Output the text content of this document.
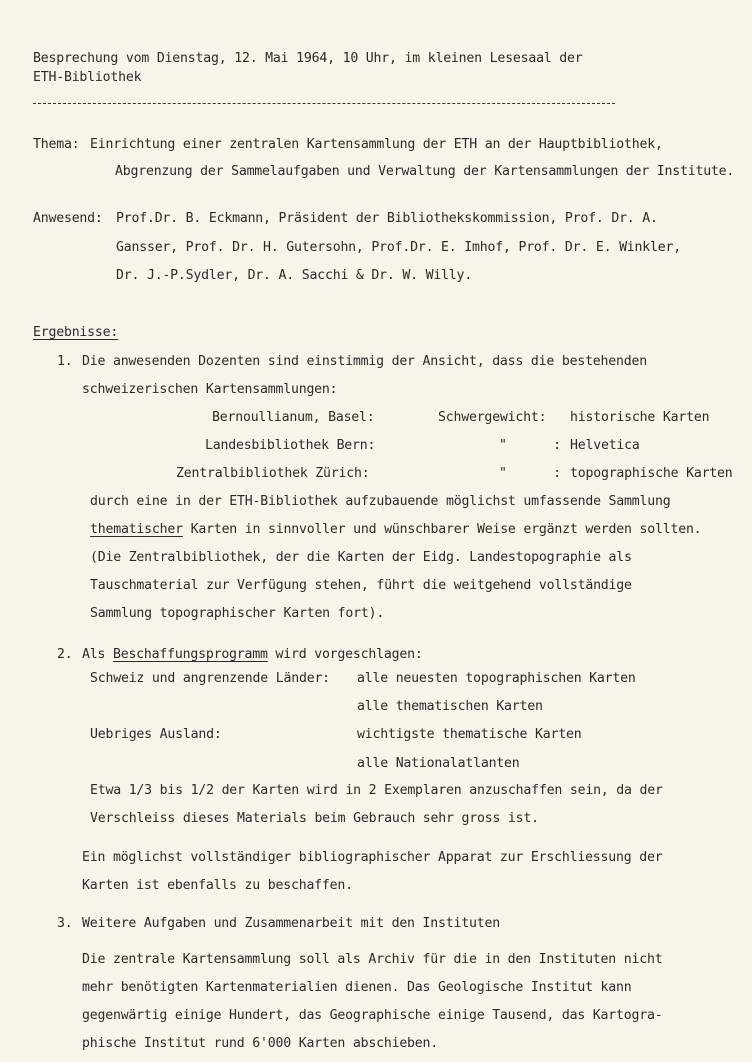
Besprechung vom Dienstag, 12. Mai 1964, 10 Uhr, im kleinen Lesesaal der
ETH-Bibliothek
Thema: Einrichtung einer zentralen Kartensammlung der ETH an der Hauptbibliothek,
Abgrenzung der Sammelaufgaben und Verwaltung der Kartensammlungen der Institute.
Anwesend: Prof.Dr. B. Eckmann, Präsident der Bibliothekskommission, Prof. Dr. A.
Gansser, Prof. Dr. H. Gutersohn, Prof.Dr. E. Imhof, Prof. Dr. E. Winkler,
Dr. J.-P.Sydler, Dr. A. Sacchi & Dr. W. Willy.
Ergebnisse:
1. Die anwesenden Dozenten sind einstimmig der Ansicht, dass die bestehenden
schweizerischen Kartensammlungen:
Bernoullianum, Basel:	Schwergewicht: historische Karten
Landesbibliothek Bern:	"      : Helvetica
Zentralbibliothek Zürich:	"      : topographische Karten
durch eine in der ETH-Bibliothek aufzubauende möglichst umfassende Sammlung
thematischer Karten in sinnvoller und wünschbarer Weise ergänzt werden sollten.
(Die Zentralbibliothek, der die Karten der Eidg. Landestopographie als
Tauschmaterial zur Verfügung stehen, führt die weitgehend vollständige
Sammlung topographischer Karten fort).
2. Als Beschaffungsprogramm wird vorgeschlagen:
Schweiz und angrenzende Länder: alle neuesten topographischen Karten
alle thematischen Karten
Uebriges Ausland:	wichtigste thematische Karten
alle Nationalatlanten
Etwa 1/3 bis 1/2 der Karten wird in 2 Exemplaren anzuschaffen sein, da der
Verschleiss dieses Materials beim Gebrauch sehr gross ist.
Ein möglichst vollständiger bibliographischer Apparat zur Erschliessung der
Karten ist ebenfalls zu beschaffen.
3. Weitere Aufgaben und Zusammenarbeit mit den Instituten
Die zentrale Kartensammlung soll als Archiv für die in den Instituten nicht
mehr benötigten Kartenmaterialien dienen. Das Geologische Institut kann
gegenwärtig einige Hundert, das Geographische einige Tausend, das Kartogra-
phische Institut rund 6'000 Karten abschieben.
